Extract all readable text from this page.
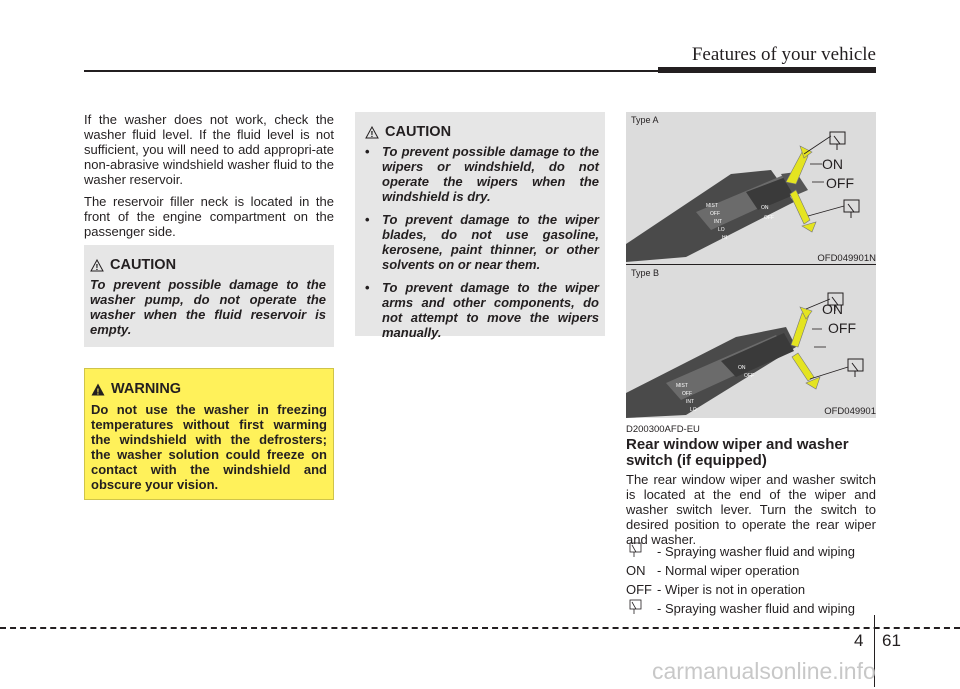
Features of your vehicle

If the washer does not work, check the washer fluid level. If the fluid level is not sufficient, you will need to add appropri-ate non-abrasive windshield washer fluid to the washer reservoir.

The reservoir filler neck is located in the front of the engine compartment on the passenger side.

! CAUTION
To prevent possible damage to the washer pump, do not operate the washer when the fluid reservoir is empty.
! WARNING
Do not use the washer in freezing temperatures without first warming the windshield with the defrosters; the washer solution could freeze on contact with the windshield and obscure your vision.
! CAUTION
• To prevent possible damage to the wipers or windshield, do not operate the wipers when the windshield is dry.
• To prevent damage to the wiper blades, do not use gasoline, kerosene, paint thinner, or other solvents on or near them.
• To prevent damage to the wiper arms and other components, do not attempt to move the wipers manually.
Type A
MIST
OFF
INT
LO
HI
ON
OFF
ON
OFF
OFD049901N
Type B
MIST
OFF
INT
LO
ON
OFF
ON
OFF
OFD049901
D200300AFD-EU
Rear window wiper and washer switch (if equipped)
The rear window wiper and washer switch is located at the end of the wiper and washer switch lever. Turn the switch to desired position to operate the rear wiper and washer.
- Spraying washer fluid and wiping
ON - Normal wiper operation
OFF - Wiper is not in operation
- Spraying washer fluid and wiping
4 61
carmanualsonline.info
